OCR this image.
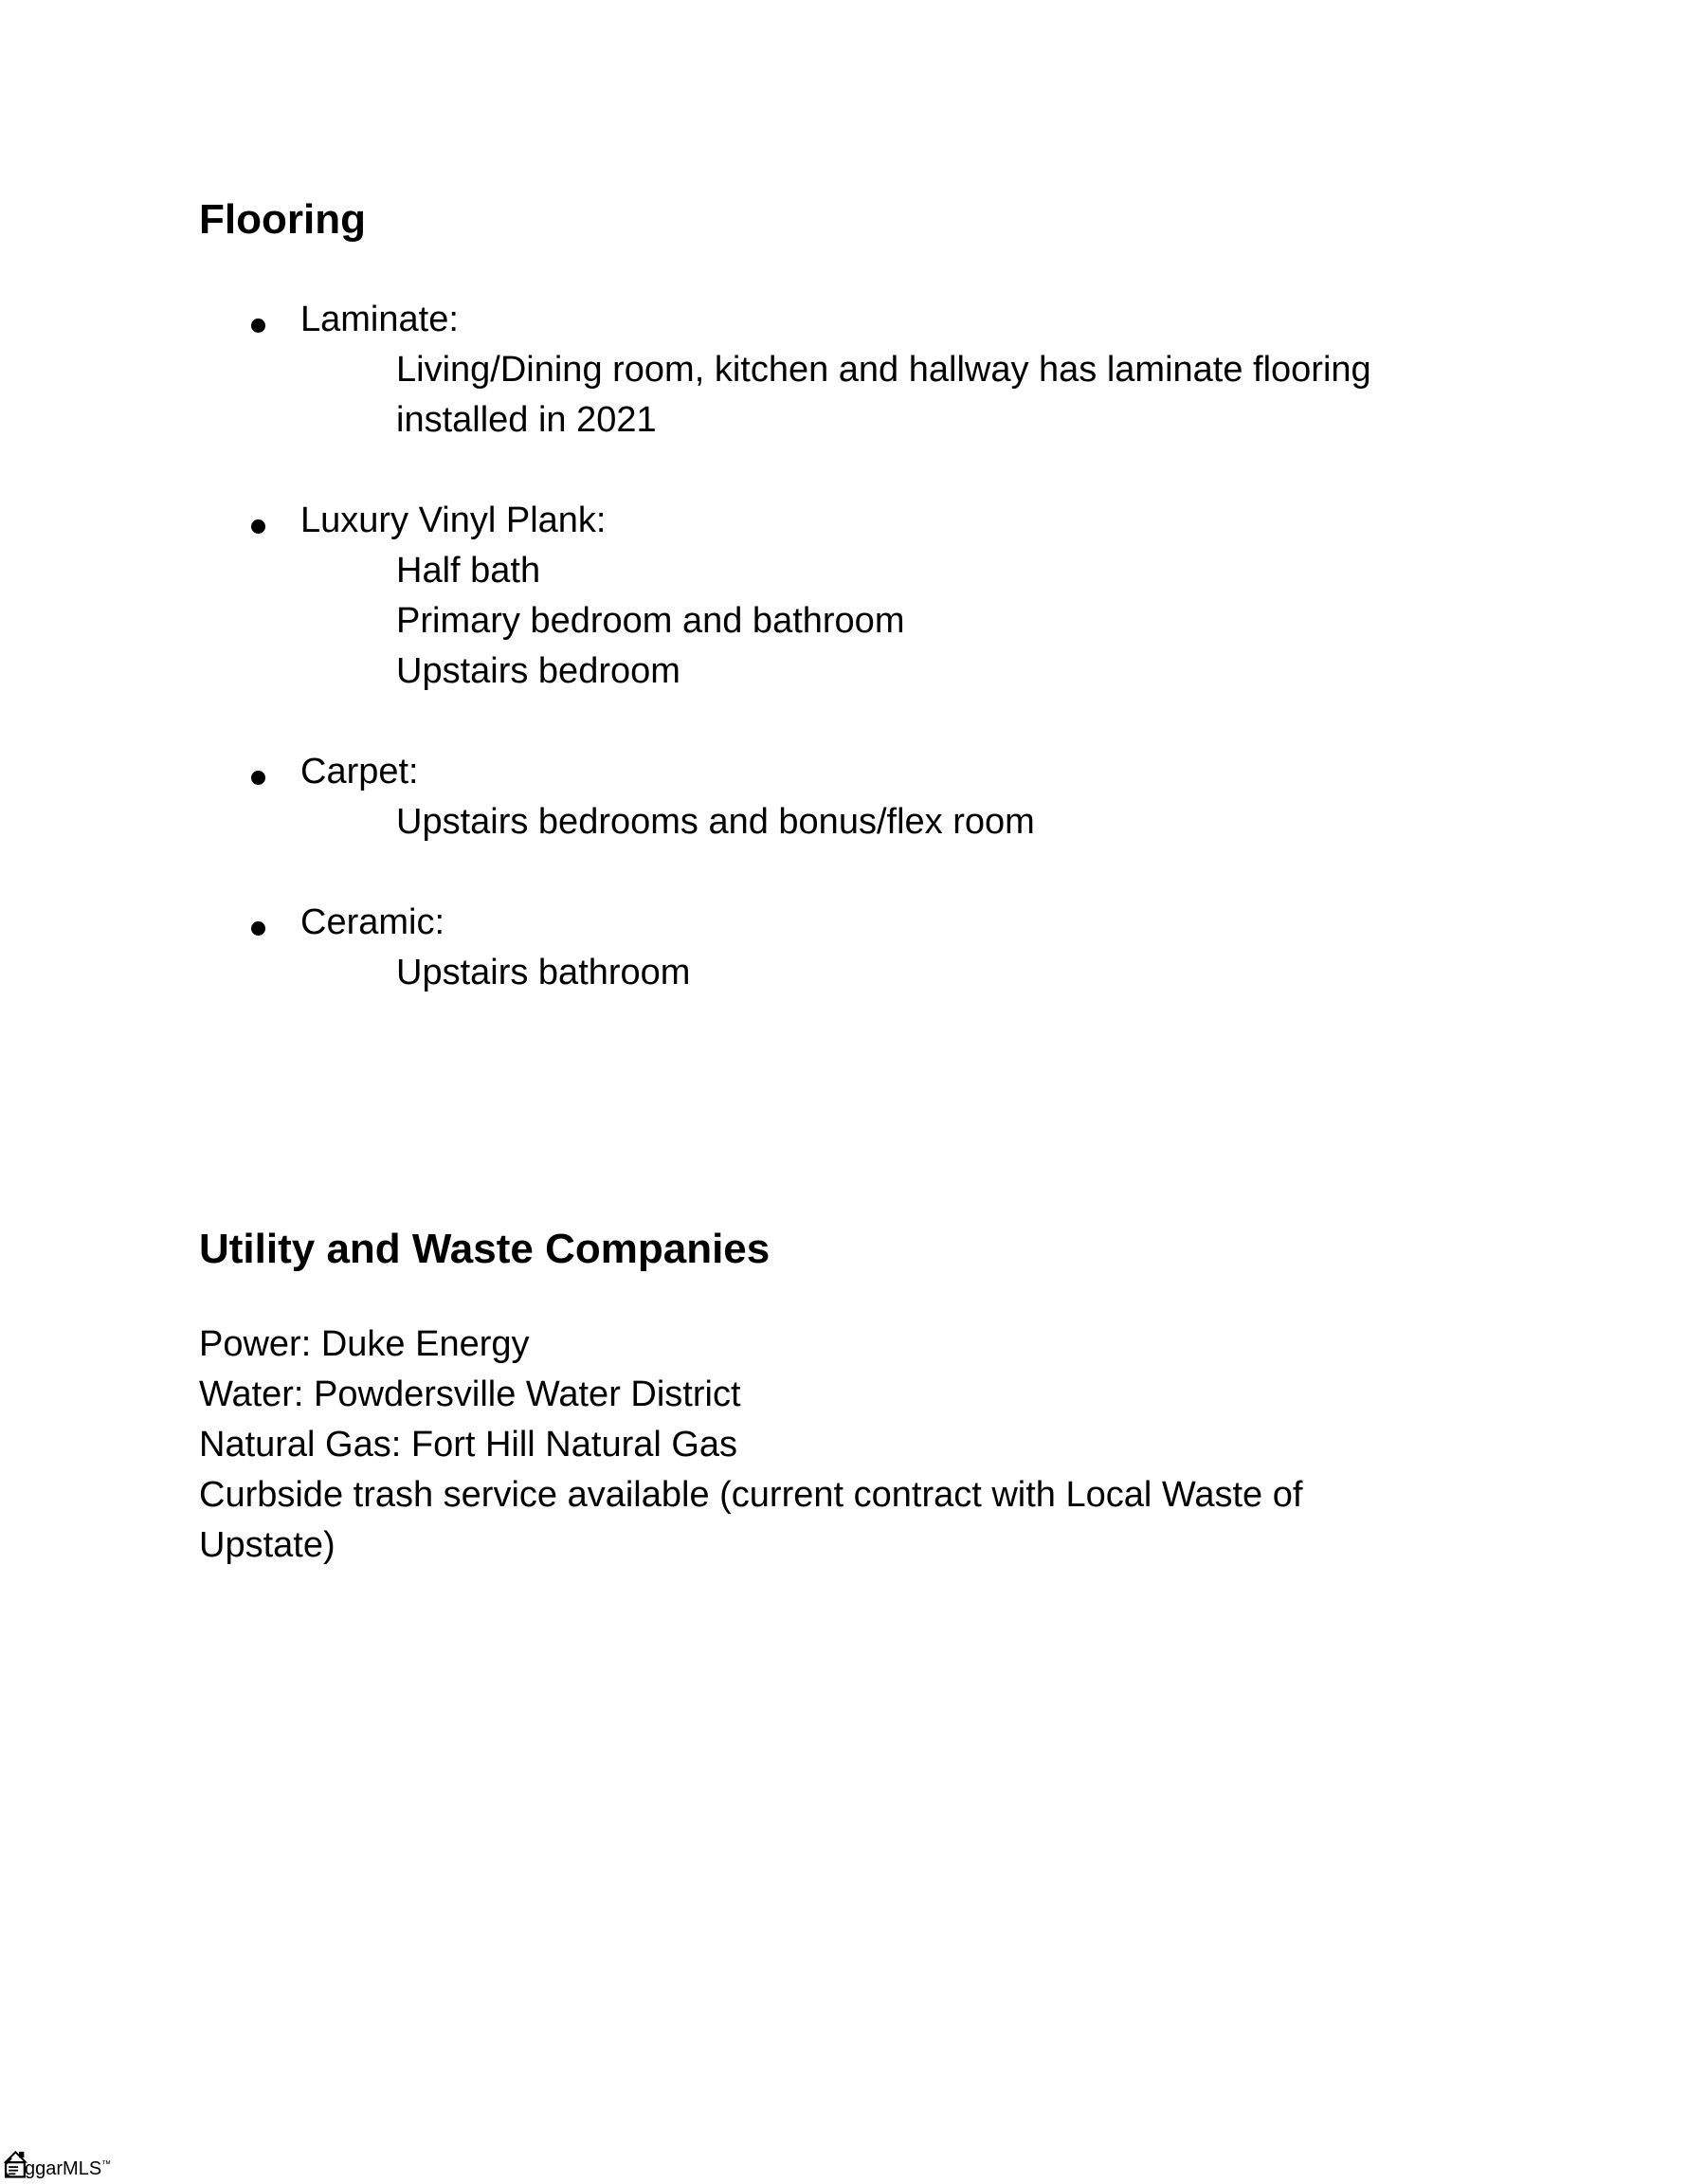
Flooring
Laminate:
Living/Dining room, kitchen and hallway has laminate flooring
installed in 2021
Luxury Vinyl Plank:
Half bath
Primary bedroom and bathroom
Upstairs bedroom
Carpet:
Upstairs bedrooms and bonus/flex room
Ceramic:
Upstairs bathroom
Utility and Waste Companies
Power: Duke Energy
Water: Powdersville Water District
Natural Gas: Fort Hill Natural Gas
Curbside trash service available (current contract with Local Waste of
Upstate)
ggarMLS™
